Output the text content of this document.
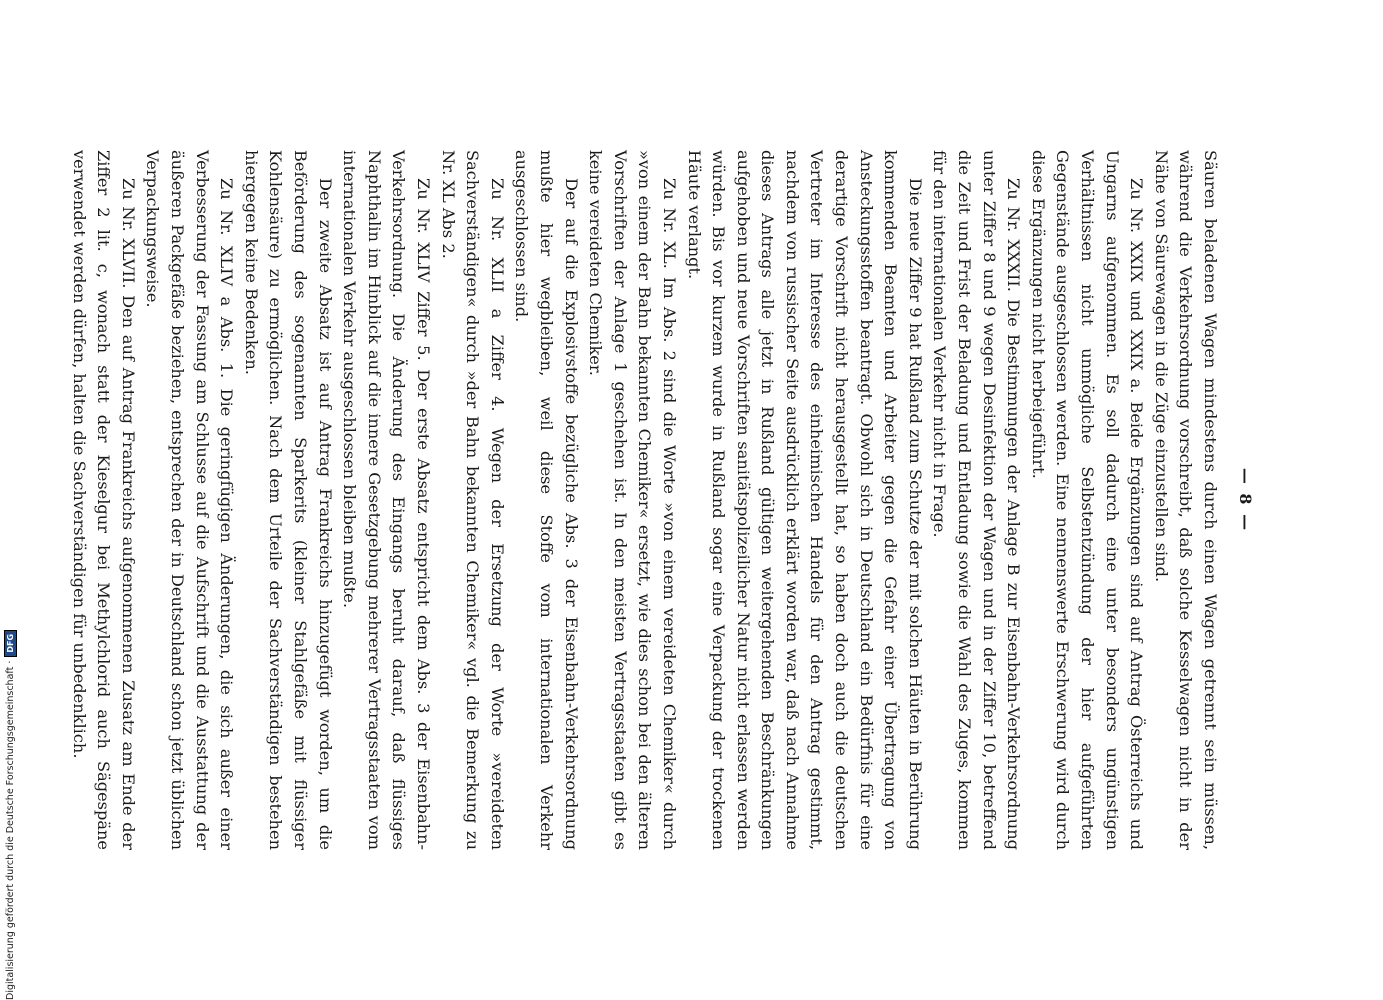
— 8 —

Säuren beladenen Wagen mindestens durch einen Wagen getrennt sein müssen, während die Verkehrsordnung vorschreibt, daß solche Kesselwagen nicht in der Nähe von Säurewagen in die Züge einzustellen sind.

Zu Nr. XXIX und XXIX a. Beide Ergänzungen sind auf Antrag Österreichs und Ungarns aufgenommen. Es soll dadurch eine unter besonders ungünstigen Verhältnissen nicht unmögliche Selbstentzündung der hier aufgeführten Gegenstände ausgeschlossen werden. Eine nennenswerte Erschwerung wird durch diese Ergänzungen nicht herbeigeführt.

Zu Nr. XXXII. Die Bestimmungen der Anlage B zur Eisenbahn-Verkehrsordnung unter Ziffer 8 und 9 wegen Desinfektion der Wagen und in der Ziffer 10, betreffend die Zeit und Frist der Beladung und Entladung sowie die Wahl des Zuges, kommen für den internationalen Verkehr nicht in Frage.

Die neue Ziffer 9 hat Rußland zum Schutze der mit solchen Häuten in Berührung kommenden Beamten und Arbeiter gegen die Gefahr einer Übertragung von Ansteckungsstoffen beantragt. Obwohl sich in Deutschland ein Bedürfnis für eine derartige Vorschrift nicht herausgestellt hat, so haben doch auch die deutschen Vertreter im Interesse des einheimischen Handels für den Antrag gestimmt, nachdem von russischer Seite ausdrücklich erklärt worden war, daß nach Annahme dieses Antrags alle jetzt in Rußland gültigen weitergehenden Beschränkungen aufgehoben und neue Vorschriften sanitätspolizeilicher Natur nicht erlassen werden würden. Bis vor kurzem wurde in Rußland sogar eine Verpackung der trockenen Häute verlangt.

Zu Nr. XL. Im Abs. 2 sind die Worte »von einem vereideten Chemiker« durch »von einem der Bahn bekannten Chemiker« ersetzt, wie dies schon bei den älteren Vorschriften der Anlage 1 geschehen ist. In den meisten Vertragsstaaten gibt es keine vereideten Chemiker.

Der auf die Explosivstoffe bezügliche Abs. 3 der Eisenbahn-Verkehrsordnung mußte hier wegbleiben, weil diese Stoffe vom internationalen Verkehr ausgeschlossen sind.

Zu Nr. XLII a Ziffer 4. Wegen der Ersetzung der Worte »vereideten Sachverständigen« durch »der Bahn bekannten Chemiker« vgl. die Bemerkung zu Nr. XL Abs 2.

Zu Nr. XLIV Ziffer 5. Der erste Absatz entspricht dem Abs. 3 der Eisenbahn-Verkehrsordnung. Die Änderung des Eingangs beruht darauf, daß flüssiges Naphthalin im Hinblick auf die innere Gesetzgebung mehrerer Vertragsstaaten vom internationalen Verkehr ausgeschlossen bleiben mußte.

Der zweite Absatz ist auf Antrag Frankreichs hinzugefügt worden, um die Beförderung des sogenannten Sparkerits (kleiner Stahlgefäße mit flüssiger Kohlensäure) zu ermöglichen. Nach dem Urteile der Sachverständigen bestehen hiergegen keine Bedenken.

Zu Nr. XLIV a Abs. 1. Die geringfügigen Änderungen, die sich außer einer Verbesserung der Fassung am Schlusse auf die Aufschrift und die Ausstattung der äußeren Packgefäße beziehen, entsprechen der in Deutschland schon jetzt üblichen Verpackungsweise.

Zu Nr. XLVII. Den auf Antrag Frankreichs aufgenommenen Zusatz am Ende der Ziffer 2 lit. c, wonach statt der Kieselgur bei Methylchlorid auch Sägespäne verwendet werden dürfen, halten die Sachverständigen für unbedenklich.

Digitalisierung gefördert durch die Deutsche Forschungsgemeinschaft ·
DFG
